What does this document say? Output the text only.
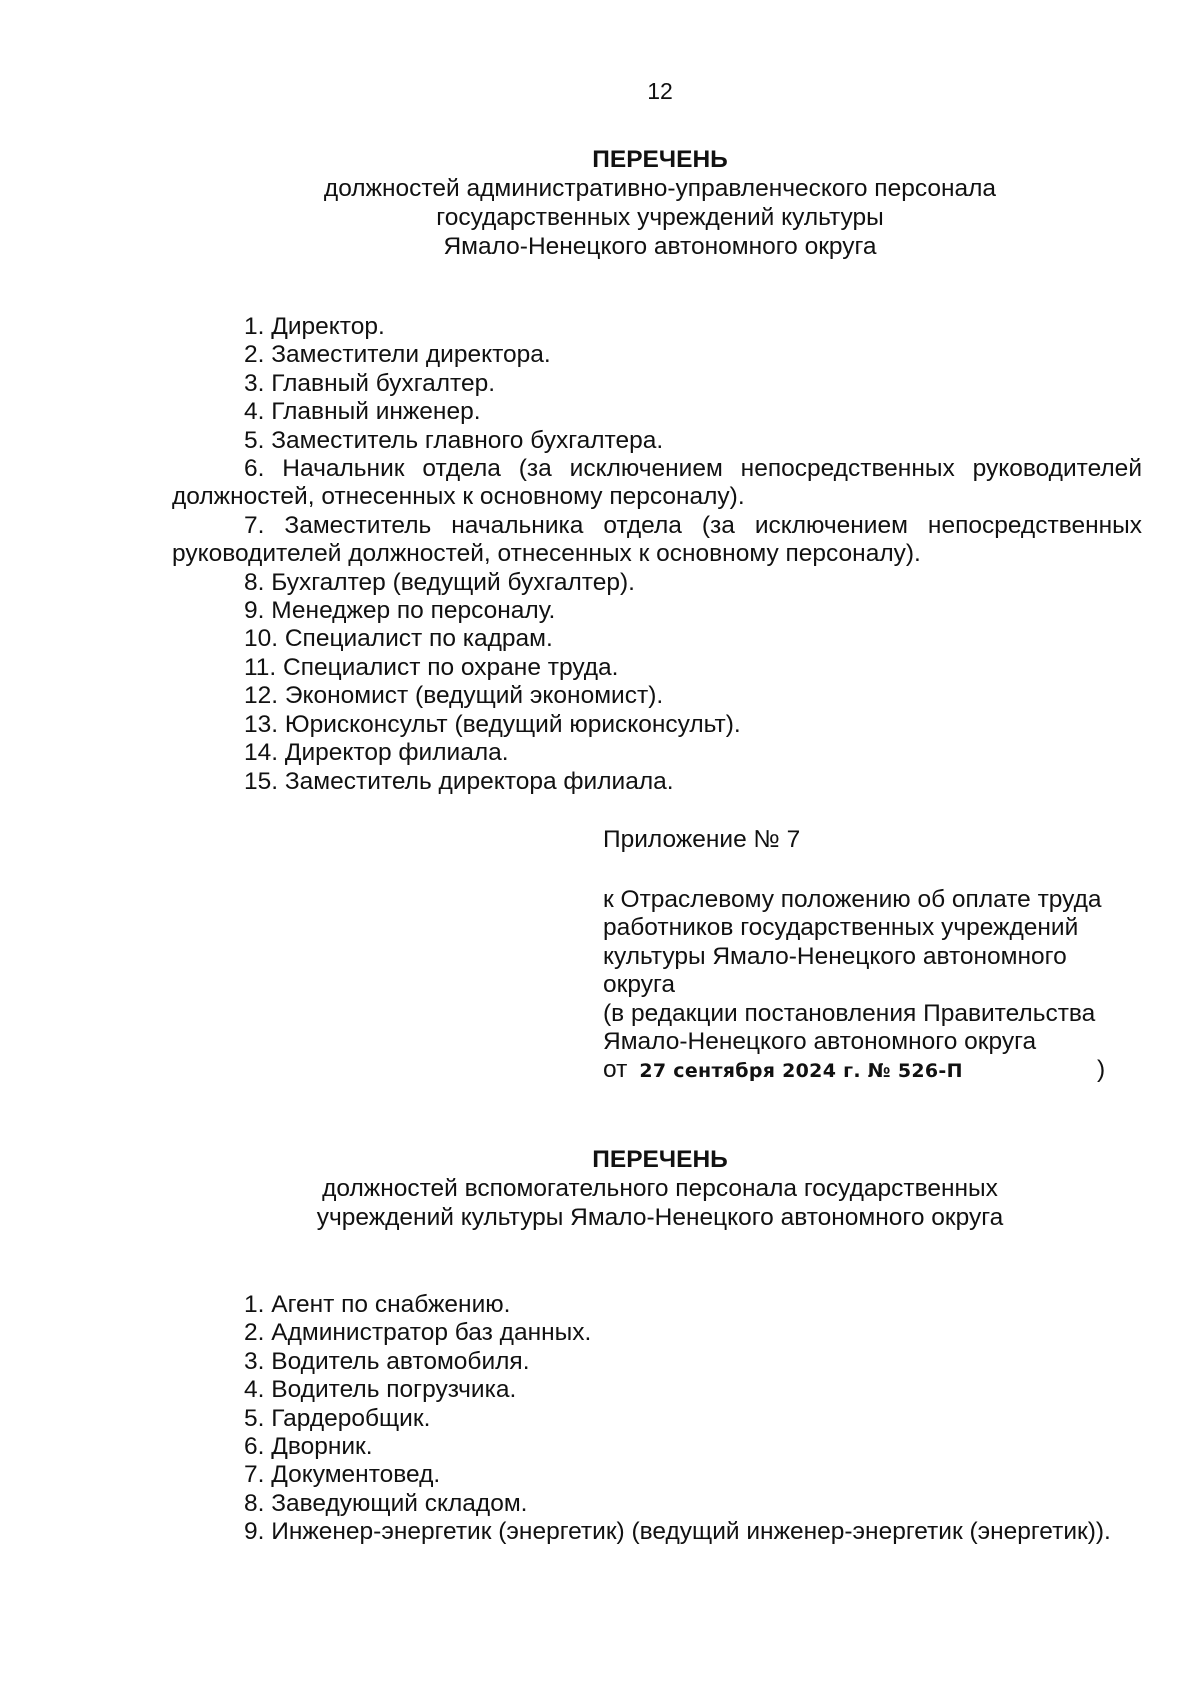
12
ПЕРЕЧЕНЬ
должностей административно-управленческого персонала
государственных учреждений культуры
Ямало-Ненецкого автономного округа
1. Директор.
2. Заместители директора.
3. Главный бухгалтер.
4. Главный инженер.
5. Заместитель главного бухгалтера.
6. Начальник отдела (за исключением непосредственных руководителей должностей, отнесенных к основному персоналу).
7. Заместитель начальника отдела (за исключением непосредственных руководителей должностей, отнесенных к основному персоналу).
8. Бухгалтер (ведущий бухгалтер).
9. Менеджер по персоналу.
10. Специалист по кадрам.
11. Специалист по охране труда.
12. Экономист (ведущий экономист).
13. Юрисконсульт (ведущий юрисконсульт).
14. Директор филиала.
15. Заместитель директора филиала.
Приложение № 7
к Отраслевому положению об оплате труда
работников государственных учреждений
культуры Ямало-Ненецкого автономного
округа
(в редакции постановления Правительства
Ямало-Ненецкого автономного округа
от 27 сентября 2024 г. № 526-П	)
ПЕРЕЧЕНЬ
должностей вспомогательного персонала государственных
учреждений культуры Ямало-Ненецкого автономного округа
1. Агент по снабжению.
2. Администратор баз данных.
3. Водитель автомобиля.
4. Водитель погрузчика.
5. Гардеробщик.
6. Дворник.
7. Документовед.
8. Заведующий складом.
9. Инженер-энергетик (энергетик) (ведущий инженер-энергетик (энергетик)).
